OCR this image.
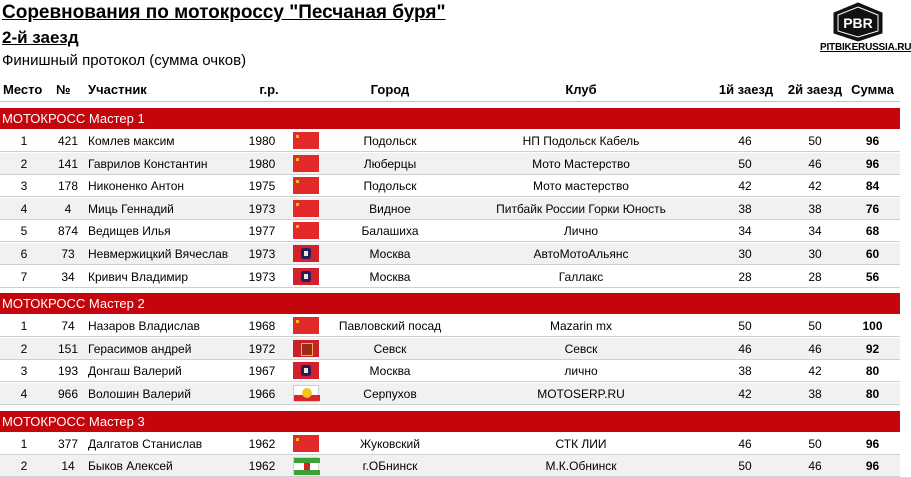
Соревнования по мотокроссу "Песчаная буря"
2-й заезд
Финишный протокол (сумма очков)
PBR
PITBIKERUSSIA.RU
Место	№	Участник	г.р.	Город	Клуб	1й заезд	2й заезд Сумма
МОТОКРОСС Мастер 1
1	421 Комлев максим	1980	Подольск	НП Подольск Кабель	46	50	96
2	141 Гаврилов Константин	1980	Люберцы	Мото Мастерство	50	46	96
3	178 Никоненко Антон	1975	Подольск	Мото мастерство	42	42	84
4	4	Миць Геннадий	1973	Видное	Питбайк России Горки Юность	38	38	76
5	874 Ведищев Илья	1977	Балашиха	Лично	34	34	68
6	73	Невмержицкий Вячеслав	1973	Москва	АвтоМотоАльянс	30	30	60
7	34	Кривич Владимир	1973	Москва	Галлакс	28	28	56
МОТОКРОСС Мастер 2
1	74	Назаров Владислав	1968	Павловский посад	Mazarin mx	50	50	100
2	151 Герасимов андрей	1972	Севск	Севск	46	46	92
3	193 Донгаш Валерий	1967	Москва	лично	38	42	80
4	966 Волошин Валерий	1966	Серпухов	MOTOSERP.RU	42	38	80
МОТОКРОСС Мастер 3
1	377 Далгатов Станислав	1962	Жуковский	СТК ЛИИ	46	50	96
2	14	Быков Алексей	1962	г.ОБнинск	М.К.Обнинск	50	46	96
